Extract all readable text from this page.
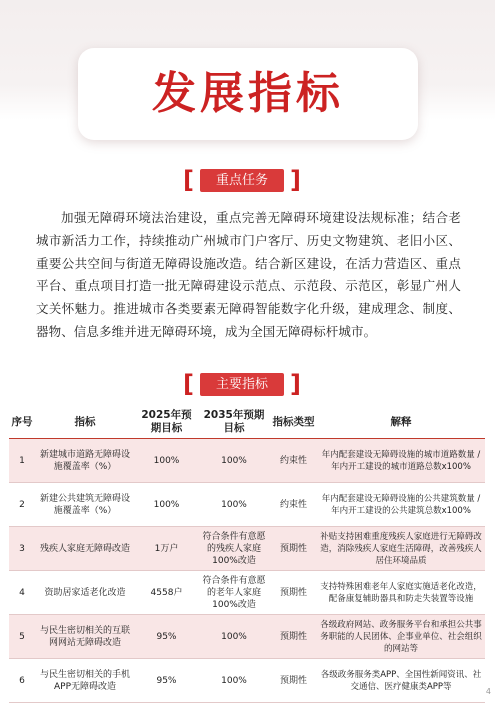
发展指标
[	重点任务 ]
加强无障碍环境法治建设，重点完善无障碍环境建设法规标准；结合老城市新活力工作，持续推动广州城市门户客厅、历史文物建筑、老旧小区、重要公共空间与街道无障碍设施改造。结合新区建设，在活力营造区、重点平台、重点项目打造一批无障碍建设示范点、示范段、示范区，彰显广州人文关怀魅力。推进城市各类要素无障碍智能数字化升级，建成理念、制度、器物、信息多维并进无障碍环境，成为全国无障碍标杆城市。
[	主要指标 ]
序号	指标	2025年预期目标	2035年预期目标	指标类型	解释
1	新建城市道路无障碍设施覆盖率（%）	100%	100%	约束性	年内配套建设无障碍设施的城市道路数量 / 年内开工建设的城市道路总数x100%
2	新建公共建筑无障碍设施覆盖率（%）	100%	100%	约束性	年内配套建设无障碍设施的公共建筑数量 / 年内开工建设的公共建筑总数x100%
3	残疾人家庭无障碍改造	1万户	符合条件有意愿的残疾人家庭100%改造	预期性	补贴支持困难重度残疾人家庭进行无障碍改造，消除残疾人家庭生活障碍，改善残疾人居住环境品质
4	资助居家适老化改造	4558户	符合条件有意愿的老年人家庭100%改造	预期性	支持特殊困难老年人家庭实施适老化改造，配备康复辅助器具和防走失装置等设施
5	与民生密切相关的互联网网站无障碍改造	95%	100%	预期性	各级政府网站、政务服务平台和承担公共事务职能的人民团体、企事业单位、社会组织的网站等
6	与民生密切相关的手机APP无障碍改造	95%	100%	预期性	各级政务服务类APP、全国性新闻资讯、社交通信、医疗健康类APP等	4
